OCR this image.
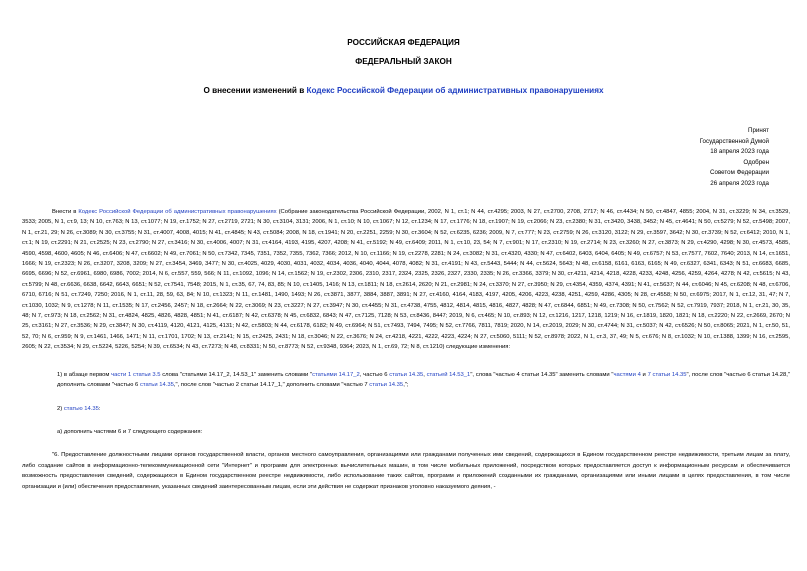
РОССИЙСКАЯ ФЕДЕРАЦИЯ
ФЕДЕРАЛЬНЫЙ ЗАКОН
О внесении изменений в Кодекс Российской Федерации об административных правонарушениях
Принят
Государственной Думой
18 апреля 2023 года
Одобрен
Советом Федерации
26 апреля 2023 года

Внести в Кодекс Российской Федерации об административных правонарушениях (Собрание законодательства Российской Федерации, 2002, N 1, ст.1; N 44, ст.4295; 2003, N 27, ст.2700, 2708, 2717; N 46, ст.4434; N 50, ст.4847, 4855; 2004, N 31, ст.3229; N 34, ст.3529, 3533; 2005, N 1, ст.9, 13; N 10, ст.763; N 13, ст.1077; N 19, ст.1752; N 27, ст.2719, 2721; N 30, ст.3104, 3131; 2006, N 1, ст.10; N 10, ст.1067; N 12, ст.1234; N 17, ст.1776; N 18, ст.1907; N 19, ст.2066; N 23, ст.2380; N 31, ст.3420, 3438, 3452; N 45, ст.4641; N 50, ст.5279; N 52, ст.5498; 2007, N 1, ст.21, 29; N 26, ст.3089; N 30, ст.3755; N 31, ст.4007, 4008, 4015; N 41, ст.4845; N 43, ст.5084; 2008, N 18, ст.1941; N 20, ст.2251, 2259; N 30, ст.3604; N 52, ст.6235, 6236; 2009, N 7, ст.777; N 23, ст.2759; N 26, ст.3120, 3122; N 29, ст.3597, 3642; N 30, ст.3739; N 52, ст.6412; 2010, N 1, ст.1; N 19, ст.2291; N 21, ст.2525; N 23, ст.2790; N 27, ст.3416; N 30, ст.4006, 4007; N 31, ст.4164, 4193, 4195, 4207, 4208; N 41, ст.5192; N 49, ст.6409; 2011, N 1, ст.10, 23, 54; N 7, ст.901; N 17, ст.2310; N 19, ст.2714; N 23, ст.3260; N 27, ст.3873; N 29, ст.4290, 4298; N 30, ст.4573, 4585, 4590, 4598, 4600, 4605; N 46, ст.6406; N 47, ст.6602; N 49, ст.7061; N 50, ст.7342, 7345, 7351, 7352, 7355, 7362, 7366; 2012, N 10, ст.1166; N 19, ст.2278, 2281; N 24, ст.3082; N 31, ст.4320, 4330; N 47, ст.6402, 6403, 6404, 6405; N 49, ст.6757; N 53, ст.7577, 7602, 7640; 2013, N 14, ст.1651, 1666; N 19, ст.2323; N 26, ст.3207, 3208, 3209; N 27, ст.3454, 3469, 3477; N 30, ст.4025, 4029, 4030, 4031, 4032, 4034, 4036, 4040, 4044, 4078, 4082; N 31, ст.4191; N 43, ст.5443, 5444; N 44, ст.5624, 5643; N 48, ст.6158, 6161, 6163, 6165; N 49, ст.6327, 6341, 6343; N 51, ст.6683, 6685, 6695, 6696; N 52, ст.6961, 6980, 6986, 7002; 2014, N 6, ст.557, 559, 566; N 11, ст.1092, 1096; N 14, ст.1562; N 19, ст.2302, 2306, 2310, 2317, 2324, 2325, 2326, 2327, 2330, 2335; N 26, ст.3366, 3379; N 30, ст.4211, 4214, 4218, 4228, 4233, 4248, 4256, 4259, 4264, 4278; N 42, ст.5615; N 43, ст.5799; N 48, ст.6636, 6638, 6642, 6643, 6651; N 52, ст.7541, 7548; 2015, N 1, ст.35, 67, 74, 83, 85; N 10, ст.1405, 1416; N 13, ст.1811; N 18, ст.2614, 2620; N 21, ст.2981; N 24, ст.3370; N 27, ст.3950; N 29, ст.4354, 4359, 4374, 4391; N 41, ст.5637; N 44, ст.6046; N 45, ст.6208; N 48, ст.6706, 6710, 6716; N 51, ст.7249, 7250; 2016, N 1, ст.11, 28, 59, 63, 84; N 10, ст.1323; N 11, ст.1481, 1490, 1493; N 26, ст.3871, 3877, 3884, 3887, 3891; N 27, ст.4160, 4164, 4183, 4197, 4205, 4206, 4223, 4238, 4251, 4259, 4286, 4305; N 28, ст.4558; N 50, ст.6975; 2017, N 1, ст.12, 31, 47; N 7, ст.1030, 1032; N 9, ст.1278; N 11, ст.1535; N 17, ст.2456, 2457; N 18, ст.2664; N 22, ст.3069; N 23, ст.3227; N 27, ст.3947; N 30, ст.4455; N 31, ст.4738, 4755, 4812, 4814, 4815, 4816, 4827, 4828; N 47, ст.6844, 6851; N 49, ст.7308; N 50, ст.7562; N 52, ст.7919, 7937; 2018, N 1, ст.21, 30, 35, 48; N 7, ст.973; N 18, ст.2562; N 31, ст.4824, 4825, 4826, 4828, 4851; N 41, ст.6187; N 42, ст.6378; N 45, ст.6832, 6843; N 47, ст.7125, 7128; N 53, ст.8436, 8447; 2019, N 6, ст.465; N 10, ст.893; N 12, ст.1216, 1217, 1218, 1219; N 16, ст.1819, 1820, 1821; N 18, ст.2220; N 22, ст.2669, 2670; N 25, ст.3161; N 27, ст.3536; N 29, ст.3847; N 30, ст.4119, 4120, 4121, 4125, 4131; N 42, ст.5803; N 44, ст.6178, 6182; N 49, ст.6964; N 51, ст.7493, 7494, 7495; N 52, ст.7766, 7811, 7819; 2020, N 14, ст.2019, 2029; N 30, ст.4744; N 31, ст.5037; N 42, ст.6526; N 50, ст.8065; 2021, N 1, ст.50, 51, 52, 70; N 6, ст.959; N 9, ст.1461, 1466, 1471; N 11, ст.1701, 1702; N 13, ст.2141; N 15, ст.2425, 2431; N 18, ст.3046; N 22, ст.3676; N 24, ст.4218, 4221, 4222, 4223, 4224; N 27, ст.5060, 5111; N 52, ст.8978; 2022, N 1, ст.3, 37, 49; N 5, ст.676; N 8, ст.1032; N 10, ст.1388, 1399; N 16, ст.2595, 2605; N 22, ст.3534; N 29, ст.5224, 5226, 5254; N 39, ст.6534; N 43, ст.7273; N 48, ст.8331; N 50, ст.8773; N 52, ст.9348, 9364; 2023, N 1, ст.69, 72; N 8, ст.1210) следующие изменения:

1) в абзаце первом части 1 статьи 3.5 слова "статьями 14.17_2, 14.53_1" заменить словами "статьями 14.17_2, частью 6 статьи 14.35, статьей 14.53_1", слова "частью 4 статьи 14.35" заменить словами "частями 4 и 7 статьи 14.35", после слов "частью 6 статьи 14.28," дополнить словами "частью 6 статьи 14.35,", после слов "частью 2 статьи 14.17_1," дополнить словами "частью 7 статьи 14.35,";

2) статью 14.35:

а) дополнить частями 6 и 7 следующего содержания:

"6. Предоставление должностными лицами органов государственной власти, органов местного самоуправления, организациями или гражданами полученных ими сведений, содержащихся в Едином государственном реестре недвижимости, третьим лицам за плату, либо создание сайтов в информационно-телекоммуникационной сети "Интернет" и программ для электронных вычислительных машин, в том числе мобильных приложений, посредством которых предоставляется доступ к информационным ресурсам и обеспечивается возможность предоставления сведений, содержащихся в Едином государственном реестре недвижимости, либо использование таких сайтов, программ и приложений созданными их гражданами, организациями или иными лицами в целях предоставления, в том числе организации и (или) обеспечения предоставления, указанных сведений заинтересованным лицам, если эти действия не содержат признаков уголовно наказуемого деяния, -
